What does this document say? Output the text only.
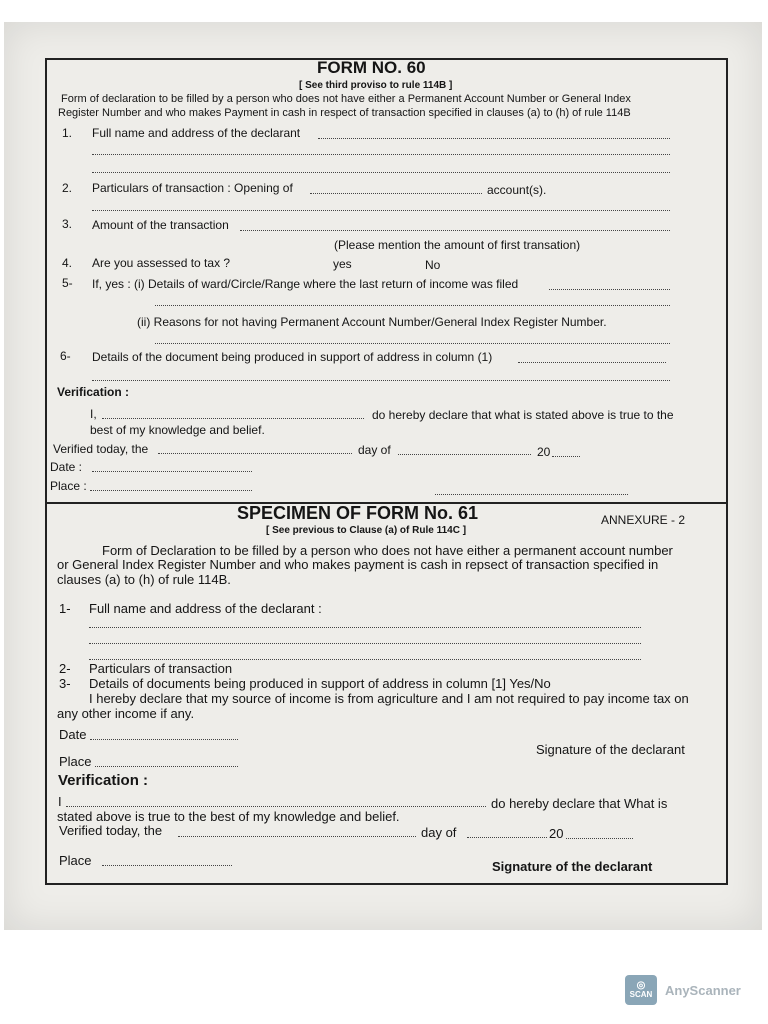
FORM NO. 60
[ See third proviso to rule 114B ]
Form of declaration to be filled by a person who does not have either a Permanent Account Number or General Index
Register Number and who makes Payment in cash in respect of transaction specified in clauses (a) to (h) of rule 114B
1. Full name and address of the declarant
2. Particulars of transaction : Opening of	account(s).
3. Amount of the transaction
(Please mention the amount of first transation)
4. Are you assessed to tax ?	yes	No
5- If, yes : (i) Details of ward/Circle/Range where the last return of income was filed
(ii) Reasons for not having Permanent Account Number/General Index Register Number.
6- Details of the document being produced in support of address in column (1)
Verification :
I,	do hereby declare that what is stated above is true to the
best of my knowledge and belief.
Verified today, the	day of	20
Date :
Place :
SPECIMEN OF FORM No. 61	ANNEXURE - 2
[ See previous to Clause (a) of Rule 114C ]
Form of Declaration to be filled by a person who does not have either a permanent account number
or General Index Register Number and who makes payment is cash in repsect of transaction specified in
clauses (a) to (h) of rule 114B.
1- Full name and address of the declarant :
2- Particulars of transaction
3- Details of documents being produced in support of address in column [1] Yes/No
I hereby declare that my source of income is from agriculture and I am not required to pay income tax on
any other income if any.
Date
Signature of the declarant
Place
Verification :
I	do hereby declare that What is
stated above is true to the best of my knowledge and belief.
Verified today, the	day of	20
Place	Signature of the declarant
◎
SCAN AnyScanner
